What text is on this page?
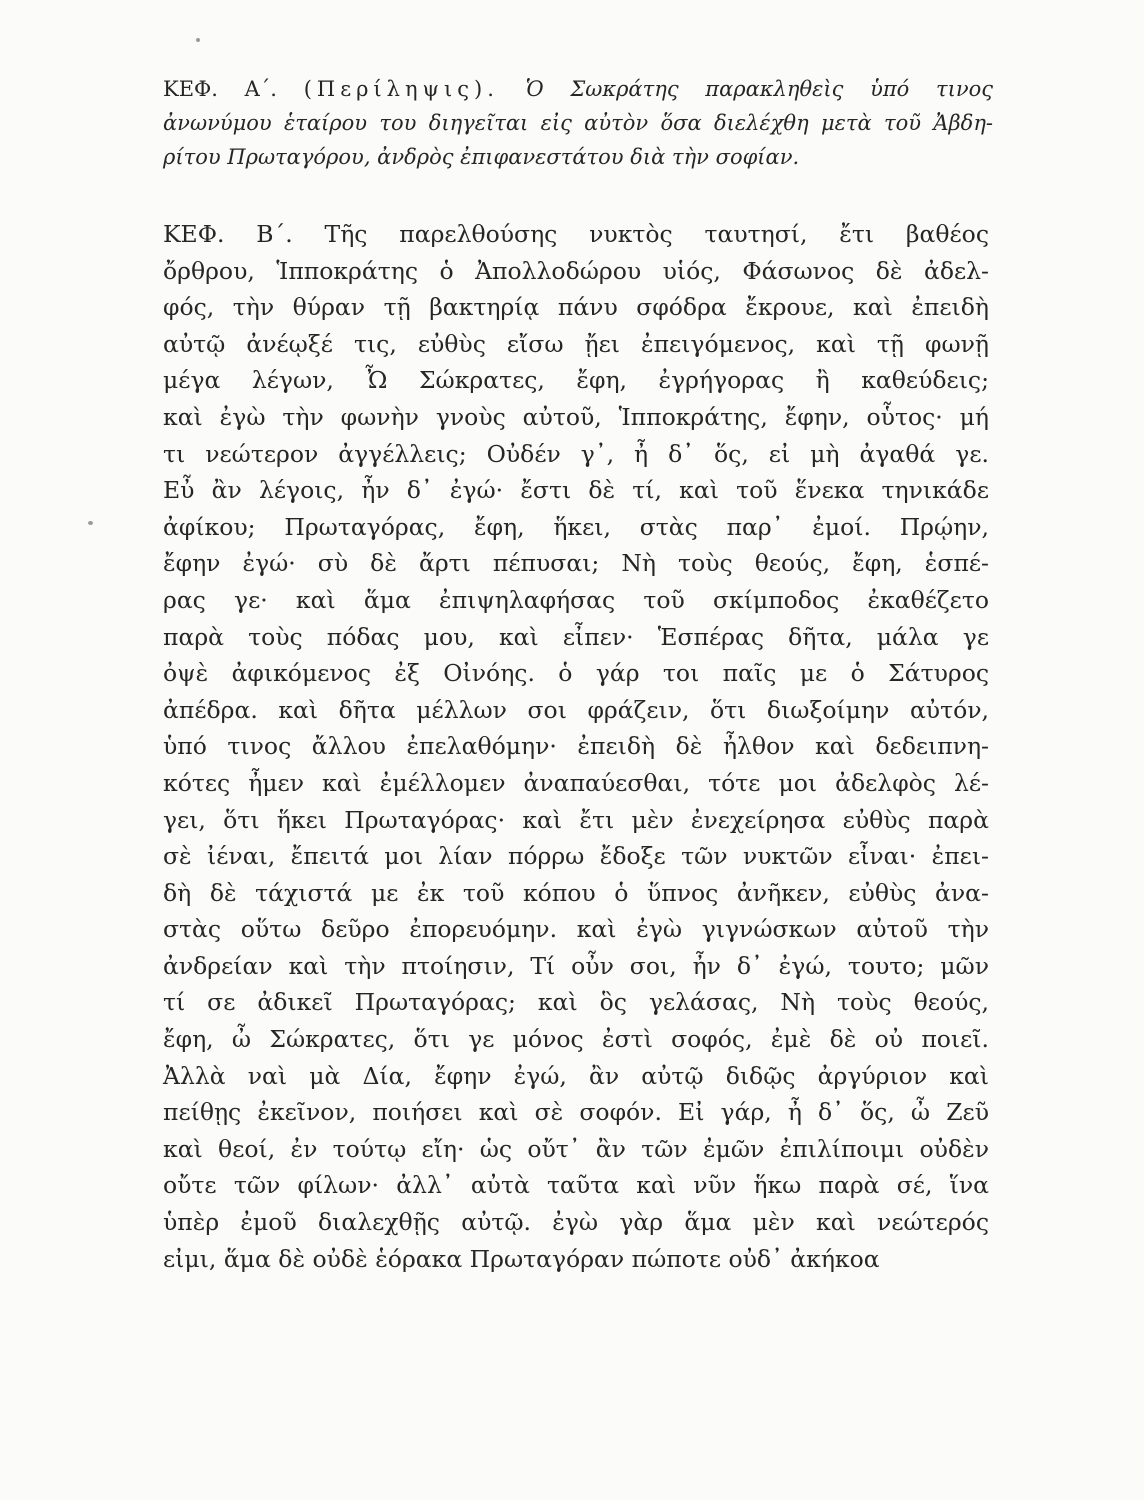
ΚΕΦ. Α΄. (Περίληψις). Ὁ Σωκράτης παρακληθεὶς ὑπό τινος
ἀνωνύμου ἑταίρου του διηγεῖται εἰς αὐτὸν ὅσα διελέχθη μετὰ τοῦ Ἀβδη-
ρίτου Πρωταγόρου, ἀνδρὸς ἐπιφανεστάτου διὰ τὴν σοφίαν.
ΚΕΦ. Β΄. Τῆς παρελθούσης νυκτὸς ταυτησί, ἔτι βαθέος
ὄρθρου, Ἱπποκράτης ὁ Ἀπολλοδώρου υἱός, Φάσωνος δὲ ἀδελ-
φός, τὴν θύραν τῇ βακτηρίᾳ πάνυ σφόδρα ἔκρουε, καὶ ἐπειδὴ
αὐτῷ ἀνέῳξέ τις, εὐθὺς εἴσω ᾔει ἐπειγόμενος, καὶ τῇ φωνῇ
μέγα λέγων, Ὦ Σώκρατες, ἔφη, ἐγρήγορας ἢ καθεύδεις;
καὶ ἐγὼ τὴν φωνὴν γνοὺς αὐτοῦ, Ἱπποκράτης, ἔφην, οὗτος· μή
τι νεώτερον ἀγγέλλεις; Οὐδέν γ᾽, ἦ δ᾽ ὅς, εἰ μὴ ἀγαθά γε.
Εὖ ἂν λέγοις, ἦν δ᾽ ἐγώ· ἔστι δὲ τί, καὶ τοῦ ἕνεκα τηνικάδε
ἀφίκου; Πρωταγόρας, ἔφη, ἥκει, στὰς παρ᾽ ἐμοί. Πρῴην,
ἔφην ἐγώ· σὺ δὲ ἄρτι πέπυσαι; Νὴ τοὺς θεούς, ἔφη, ἑσπέ-
ρας γε· καὶ ἅμα ἐπιψηλαφήσας τοῦ σκίμποδος ἐκαθέζετο
παρὰ τοὺς πόδας μου, καὶ εἶπεν· Ἑσπέρας δῆτα, μάλα γε
ὀψὲ ἀφικόμενος ἐξ Οἰνόης. ὁ γάρ τοι παῖς με ὁ Σάτυρος
ἀπέδρα. καὶ δῆτα μέλλων σοι φράζειν, ὅτι διωξοίμην αὐτόν,
ὑπό τινος ἄλλου ἐπελαθόμην· ἐπειδὴ δὲ ἦλθον καὶ δεδειπνη-
κότες ἦμεν καὶ ἐμέλλομεν ἀναπαύεσθαι, τότε μοι ἀδελφὸς λέ-
γει, ὅτι ἥκει Πρωταγόρας· καὶ ἔτι μὲν ἐνεχείρησα εὐθὺς παρὰ
σὲ ἰέναι, ἔπειτά μοι λίαν πόρρω ἔδοξε τῶν νυκτῶν εἶναι· ἐπει-
δὴ δὲ τάχιστά με ἐκ τοῦ κόπου ὁ ὕπνος ἀνῆκεν, εὐθὺς ἀνα-
στὰς οὕτω δεῦρο ἐπορευόμην. καὶ ἐγὼ γιγνώσκων αὐτοῦ τὴν
ἀνδρείαν καὶ τὴν πτοίησιν, Τί οὖν σοι, ἦν δ᾽ ἐγώ, τουτο; μῶν
τί σε ἀδικεῖ Πρωταγόρας; καὶ ὃς γελάσας, Νὴ τοὺς θεούς,
ἔφη, ὦ Σώκρατες, ὅτι γε μόνος ἐστὶ σοφός, ἐμὲ δὲ οὐ ποιεῖ.
Ἀλλὰ ναὶ μὰ Δία, ἔφην ἐγώ, ἂν αὐτῷ διδῷς ἀργύριον καὶ
πείθῃς ἐκεῖνον, ποιήσει καὶ σὲ σοφόν. Εἰ γάρ, ἦ δ᾽ ὅς, ὦ Ζεῦ
καὶ θεοί, ἐν τούτῳ εἴη· ὡς οὔτ᾽ ἂν τῶν ἐμῶν ἐπιλίποιμι οὐδὲν
οὔτε τῶν φίλων· ἀλλ᾽ αὐτὰ ταῦτα καὶ νῦν ἥκω παρὰ σέ, ἵνα
ὑπὲρ ἐμοῦ διαλεχθῇς αὐτῷ. ἐγὼ γὰρ ἅμα μὲν καὶ νεώτερός
εἰμι, ἅμα δὲ οὐδὲ ἑόρακα Πρωταγόραν πώποτε οὐδ᾽ ἀκήκοα
